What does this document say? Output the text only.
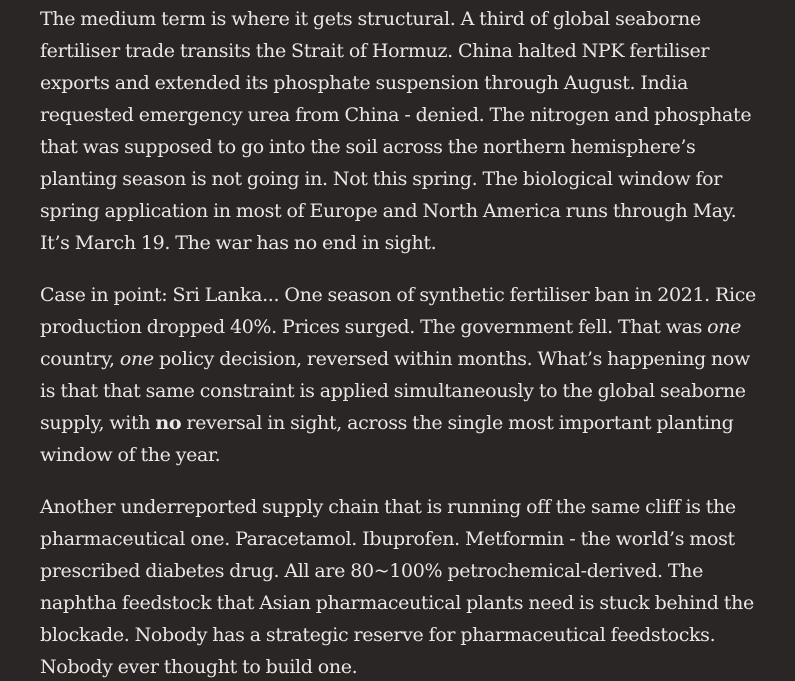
The medium term is where it gets structural. A third of global seaborne fertiliser trade transits the Strait of Hormuz. China halted NPK fertiliser exports and extended its phosphate suspension through August. India requested emergency urea from China - denied. The nitrogen and phosphate that was supposed to go into the soil across the northern hemisphere’s planting season is not going in. Not this spring. The biological window for spring application in most of Europe and North America runs through May. It’s March 19. The war has no end in sight.

Case in point: Sri Lanka... One season of synthetic fertiliser ban in 2021. Rice production dropped 40%. Prices surged. The government fell. That was one country, one policy decision, reversed within months. What’s happening now is that that same constraint is applied simultaneously to the global seaborne supply, with no reversal in sight, across the single most important planting window of the year.

Another underreported supply chain that is running off the same cliff is the pharmaceutical one. Paracetamol. Ibuprofen. Metformin - the world’s most prescribed diabetes drug. All are 80~100% petrochemical-derived. The naphtha feedstock that Asian pharmaceutical plants need is stuck behind the blockade. Nobody has a strategic reserve for pharmaceutical feedstocks. Nobody ever thought to build one.
